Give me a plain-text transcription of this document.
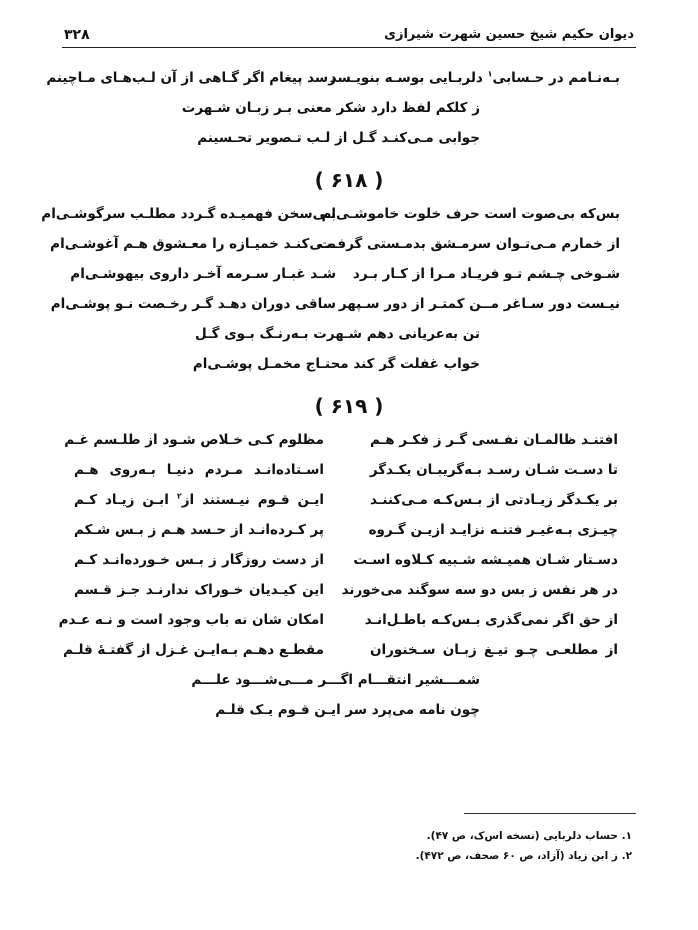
دیوان حکیم شیخ حسین شهرت شیرازی
۳۲۸
بـه‌نـامم در حـسابی$^۱$ دلربـایی بوسـه بنویـسد
رسد پیغام اگر گـاهی از آن لـب‌هـای مـاچینم
ز کلکم لفظ دارد شکر معنی بـر زبـان شـهرت
جوابی مـی‌کنـد گـل از لـب تـصویر تحـسینم
( ۶۱۸ )
بس‌که بی‌صوت است حرف خلوت خاموشـی‌ام
بـی‌سخن فهمیـده گـردد مطلـب سرگوشـی‌ام
از خمارم مـی‌تـوان سرمـشق بدمـستی گرفـت
مـی‌کنـد خمیـازه را معـشوق هـم آغوشـی‌ام
شـوخی چـشم تـو فریـاد مـرا از کـار بـرد
شـد غبـار سـرمه آخـر داروی بیهوشـی‌ام
نیـست دور سـاغر مــن کمتـر از دور سـپهر
ساقی دوران دهـد گـر رخـصت نـو پوشـی‌ام
تن به‌عریانی دهم شـهرت بـه‌رنـگ بـوی گـل
خواب غفلت گر کند محتـاج مخمـل پوشـی‌ام
( ۶۱۹ )
افتنـد ظالمـان نفـسی گـر ز فکـر هـم
مظلوم کـی خـلاص شـود از طلـسم غـم
تا دسـت شـان رسـد بـه‌گریبـان یکـدگر
اسـتاده‌انـد مـردم دنیـا بـه‌روی هـم
بر یکـدگر زیـادتی از بـس‌کـه مـی‌کننـد
ایـن قـوم نیـستند از$^۲$ ابـن زیـاد کـم
چیـزی بـه‌غیـر فتنـه نزایـد ازیـن گـروه
پر کـرده‌انـد از حـسد هـم ز بـس شـکم
دسـتار شـان همیـشه شـبیه کـلاوه اسـت
از دست روزگار ز بـس خـورده‌انـد کـم
در هر نفس ز بس دو سه سوگند می‌خورند
این کیـدیان خـوراک ندارنـد جـز قـسم
از حق اگر نمی‌گذری بـس‌کـه باطـل‌انـد
امکان شان نه باب وجود است و نـه عـدم
از مطلعـی چـو تیـغ زبـان سـخنوران
مقطـع دهـم بـه‌ایـن غـزل از گفتـهٔ قلـم
شمـــشیر انتقـــام اگـــر مـــی‌شـــود علـــم
چون نامه می‌پرد سر ایـن قـوم یـک قلـم
۱. حساب دلربایی (نسخه اس‌ک، ص ۴۷).
۲. ز ابن زیاد (آزاد، ص ۶۰ صحف، ص ۴۷۲).
